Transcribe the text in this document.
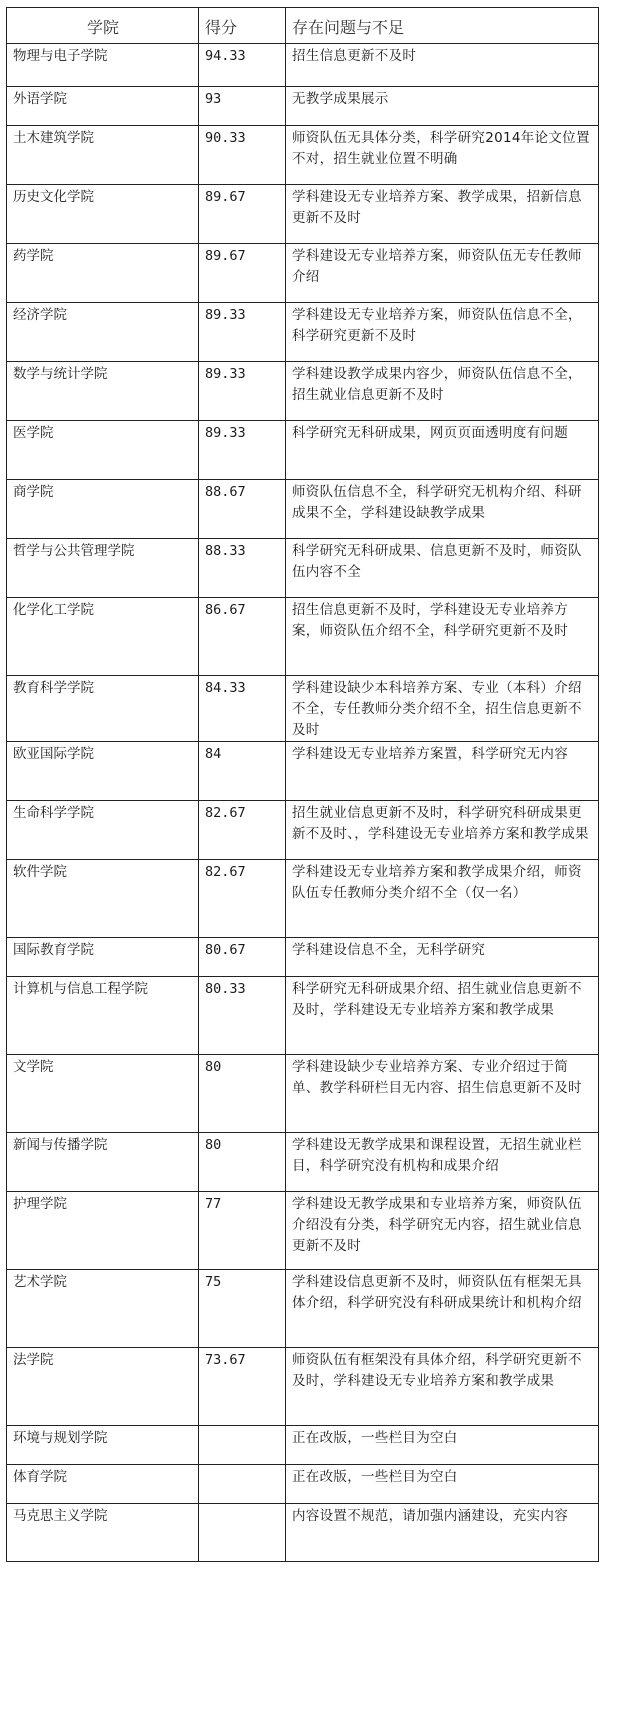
学院	得分	存在问题与不足
物理与电子学院	94.33	招生信息更新不及时
外语学院	93	无教学成果展示
土木建筑学院	90.33	师资队伍无具体分类，科学研究2014年论文位置不对，招生就业位置不明确
历史文化学院	89.67	学科建设无专业培养方案、教学成果，招新信息更新不及时
药学院	89.67	学科建设无专业培养方案，师资队伍无专任教师介绍
经济学院	89.33	学科建设无专业培养方案，师资队伍信息不全，科学研究更新不及时
数学与统计学院	89.33	学科建设教学成果内容少，师资队伍信息不全，招生就业信息更新不及时
医学院	89.33	科学研究无科研成果，网页页面透明度有问题
商学院	88.67	师资队伍信息不全，科学研究无机构介绍、科研成果不全，学科建设缺教学成果
哲学与公共管理学院	88.33	科学研究无科研成果、信息更新不及时，师资队伍内容不全
化学化工学院	86.67	招生信息更新不及时，学科建设无专业培养方案，师资队伍介绍不全，科学研究更新不及时
教育科学学院	84.33	学科建设缺少本科培养方案、专业（本科）介绍不全，专任教师分类介绍不全，招生信息更新不及时
欧亚国际学院	84	学科建设无专业培养方案置，科学研究无内容
生命科学学院	82.67	招生就业信息更新不及时，科学研究科研成果更新不及时、，学科建设无专业培养方案和教学成果
软件学院	82.67	学科建设无专业培养方案和教学成果介绍，师资队伍专任教师分类介绍不全（仅一名）
国际教育学院	80.67	学科建设信息不全，无科学研究
计算机与信息工程学院	80.33	科学研究无科研成果介绍、招生就业信息更新不及时，学科建设无专业培养方案和教学成果
文学院	80	学科建设缺少专业培养方案、专业介绍过于简单、教学科研栏目无内容、招生信息更新不及时
新闻与传播学院	80	学科建设无教学成果和课程设置，无招生就业栏目，科学研究没有机构和成果介绍
护理学院	77	学科建设无教学成果和专业培养方案，师资队伍介绍没有分类，科学研究无内容，招生就业信息更新不及时
艺术学院	75	学科建设信息更新不及时，师资队伍有框架无具体介绍，科学研究没有科研成果统计和机构介绍
法学院	73.67	师资队伍有框架没有具体介绍，科学研究更新不及时，学科建设无专业培养方案和教学成果
环境与规划学院		正在改版，一些栏目为空白
体育学院		正在改版，一些栏目为空白
马克思主义学院		内容设置不规范，请加强内涵建设，充实内容
